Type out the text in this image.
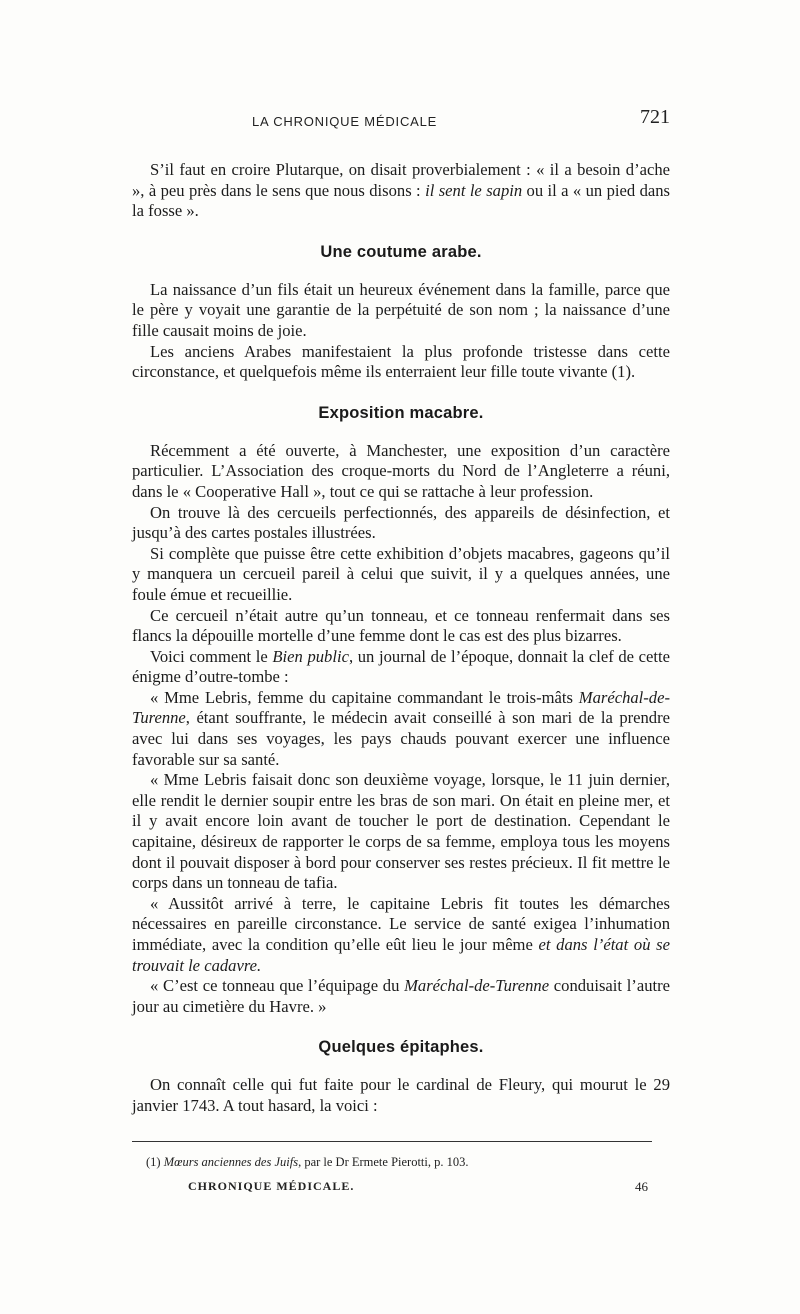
LA CHRONIQUE MÉDICALE	721

S’il faut en croire Plutarque, on disait proverbialement : « il a besoin d’ache », à peu près dans le sens que nous disons : il sent le sapin ou il a « un pied dans la fosse ».

Une coutume arabe.

La naissance d’un fils était un heureux événement dans la famille, parce que le père y voyait une garantie de la perpétuité de son nom ; la naissance d’une fille causait moins de joie.

Les anciens Arabes manifestaient la plus profonde tristesse dans cette circonstance, et quelquefois même ils enterraient leur fille toute vivante (1).

Exposition macabre.

Récemment a été ouverte, à Manchester, une exposition d’un caractère particulier. L’Association des croque-morts du Nord de l’Angleterre a réuni, dans le « Cooperative Hall », tout ce qui se rattache à leur profession.

On trouve là des cercueils perfectionnés, des appareils de désinfection, et jusqu’à des cartes postales illustrées.

Si complète que puisse être cette exhibition d’objets macabres, gageons qu’il y manquera un cercueil pareil à celui que suivit, il y a quelques années, une foule émue et recueillie.

Ce cercueil n’était autre qu’un tonneau, et ce tonneau renfermait dans ses flancs la dépouille mortelle d’une femme dont le cas est des plus bizarres.

Voici comment le Bien public, un journal de l’époque, donnait la clef de cette énigme d’outre-tombe :

« Mme Lebris, femme du capitaine commandant le trois-mâts Maréchal-de-Turenne, étant souffrante, le médecin avait conseillé à son mari de la prendre avec lui dans ses voyages, les pays chauds pouvant exercer une influence favorable sur sa santé.

« Mme Lebris faisait donc son deuxième voyage, lorsque, le 11 juin dernier, elle rendit le dernier soupir entre les bras de son mari. On était en pleine mer, et il y avait encore loin avant de toucher le port de destination. Cependant le capitaine, désireux de rapporter le corps de sa femme, employa tous les moyens dont il pouvait disposer à bord pour conserver ses restes précieux. Il fit mettre le corps dans un tonneau de tafia.

« Aussitôt arrivé à terre, le capitaine Lebris fit toutes les démarches nécessaires en pareille circonstance. Le service de santé exigea l’inhumation immédiate, avec la condition qu’elle eût lieu le jour même et dans l’état où se trouvait le cadavre.

« C’est ce tonneau que l’équipage du Maréchal-de-Turenne conduisait l’autre jour au cimetière du Havre. »

Quelques épitaphes.

On connaît celle qui fut faite pour le cardinal de Fleury, qui mourut le 29 janvier 1743. A tout hasard, la voici :

(1) Mœurs anciennes des Juifs, par le Dr Ermete Pierotti, p. 103.
CHRONIQUE MÉDICALE.	46
